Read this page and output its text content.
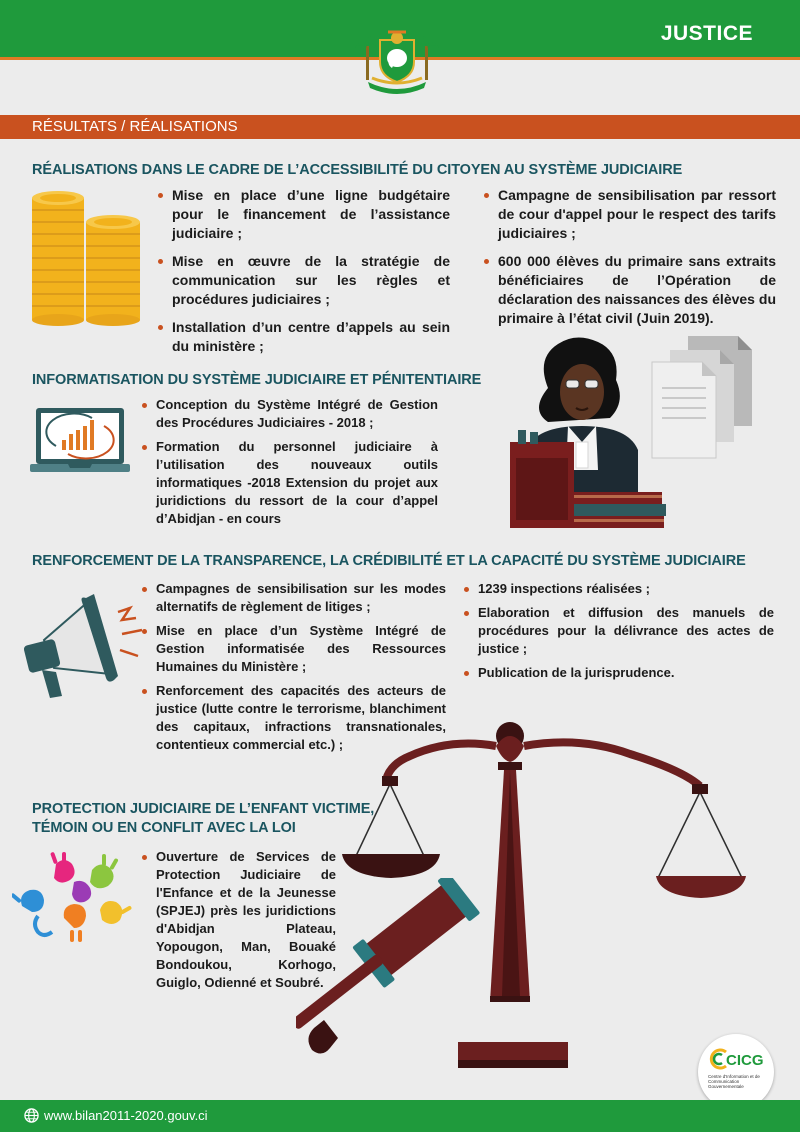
JUSTICE
RÉSULTATS / RÉALISATIONS
RÉALISATIONS DANS LE CADRE DE L’ACCESSIBILITÉ DU CITOYEN AU SYSTÈME JUDICIAIRE
Mise en place d’une ligne budgétaire pour le financement de l’assistance judiciaire ;
Mise en œuvre de la stratégie de communication sur les règles et procédures judiciaires ;
Installation d’un centre d’appels au sein du ministère ;
Campagne de sensibilisation par ressort de cour d'appel pour le respect des tarifs judiciaires ;
600 000 élèves du primaire sans extraits bénéficiaires de l’Opération de déclaration des naissances des élèves du primaire à l’état civil (Juin 2019).
INFORMATISATION DU SYSTÈME JUDICIAIRE ET PÉNITENTIAIRE
Conception du Système Intégré de Gestion des Procédures Judiciaires - 2018 ;
Formation du personnel judiciaire à l’utilisation des nouveaux outils informatiques -2018 Extension du projet aux juridictions du ressort de la cour d’appel d’Abidjan - en cours
RENFORCEMENT DE LA TRANSPARENCE, LA CRÉDIBILITÉ ET LA CAPACITÉ DU SYSTÈME JUDICIAIRE
Campagnes de sensibilisation sur les modes alternatifs de règlement de litiges ;
Mise en place d’un Système Intégré de Gestion informatisée des Ressources Humaines du Ministère ;
Renforcement des capacités des acteurs de justice (lutte contre le terrorisme, blanchiment des capitaux, infractions transnationales, contentieux commercial etc.) ;
1239 inspections réalisées ;
Elaboration et diffusion des manuels de procédures pour la délivrance des actes de justice ;
Publication de la jurisprudence.
PROTECTION JUDICIAIRE DE L’ENFANT VICTIME,
TÉMOIN OU EN CONFLIT AVEC LA LOI
Ouverture de Services de Protection Judiciaire de l'Enfance et de la Jeunesse (SPJEJ) près les juridictions d'Abidjan Plateau, Yopougon, Man, Bouaké Bondoukou, Korhogo, Guiglo, Odienné et Soubré.
CICG
Centre d'Information et de
Communication Gouvernementale
www.bilan2011-2020.gouv.ci
